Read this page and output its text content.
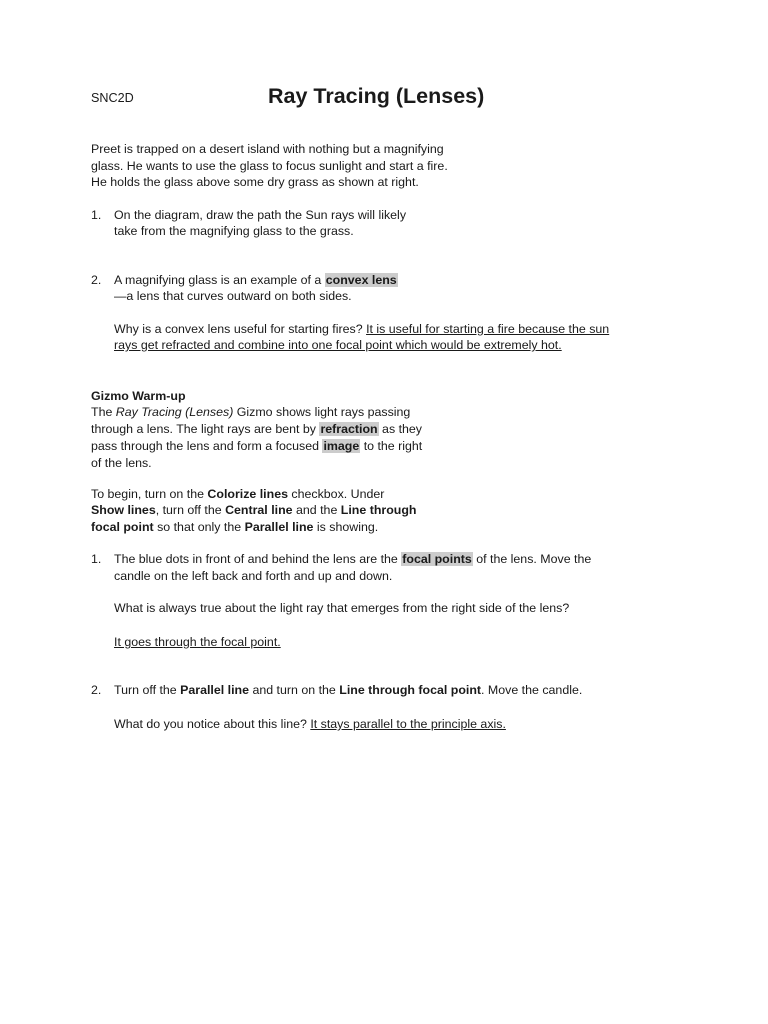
SNC2D	Ray Tracing (Lenses)
Preet is trapped on a desert island with nothing but a magnifying
glass. He wants to use the glass to focus sunlight and start a fire.
He holds the glass above some dry grass as shown at right.
1. On the diagram, draw the path the Sun rays will likely
take from the magnifying glass to the grass.
2. A magnifying glass is an example of a convex lens
—a lens that curves outward on both sides.
Why is a convex lens useful for starting fires? It is useful for starting a fire because the sun
rays get refracted and combine into one focal point which would be extremely hot.
Gizmo Warm-up
The Ray Tracing (Lenses) Gizmo shows light rays passing
through a lens. The light rays are bent by refraction as they
pass through the lens and form a focused image to the right
of the lens.
To begin, turn on the Colorize lines checkbox. Under
Show lines, turn off the Central line and the Line through
focal point so that only the Parallel line is showing.
1. The blue dots in front of and behind the lens are the focal points of the lens. Move the
candle on the left back and forth and up and down.
What is always true about the light ray that emerges from the right side of the lens?
It goes through the focal point.
2. Turn off the Parallel line and turn on the Line through focal point. Move the candle.
What do you notice about this line? It stays parallel to the principle axis.
